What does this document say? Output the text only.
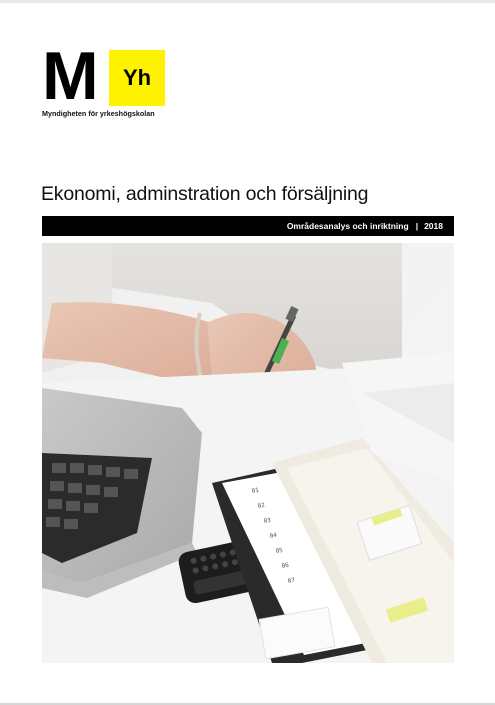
M	Yh
Myndigheten för yrkeshögskolan
Ekonomi, adminstration och försäljning
Områdesanalys och inriktning | 2018
01
02
03
04
05
06
07
